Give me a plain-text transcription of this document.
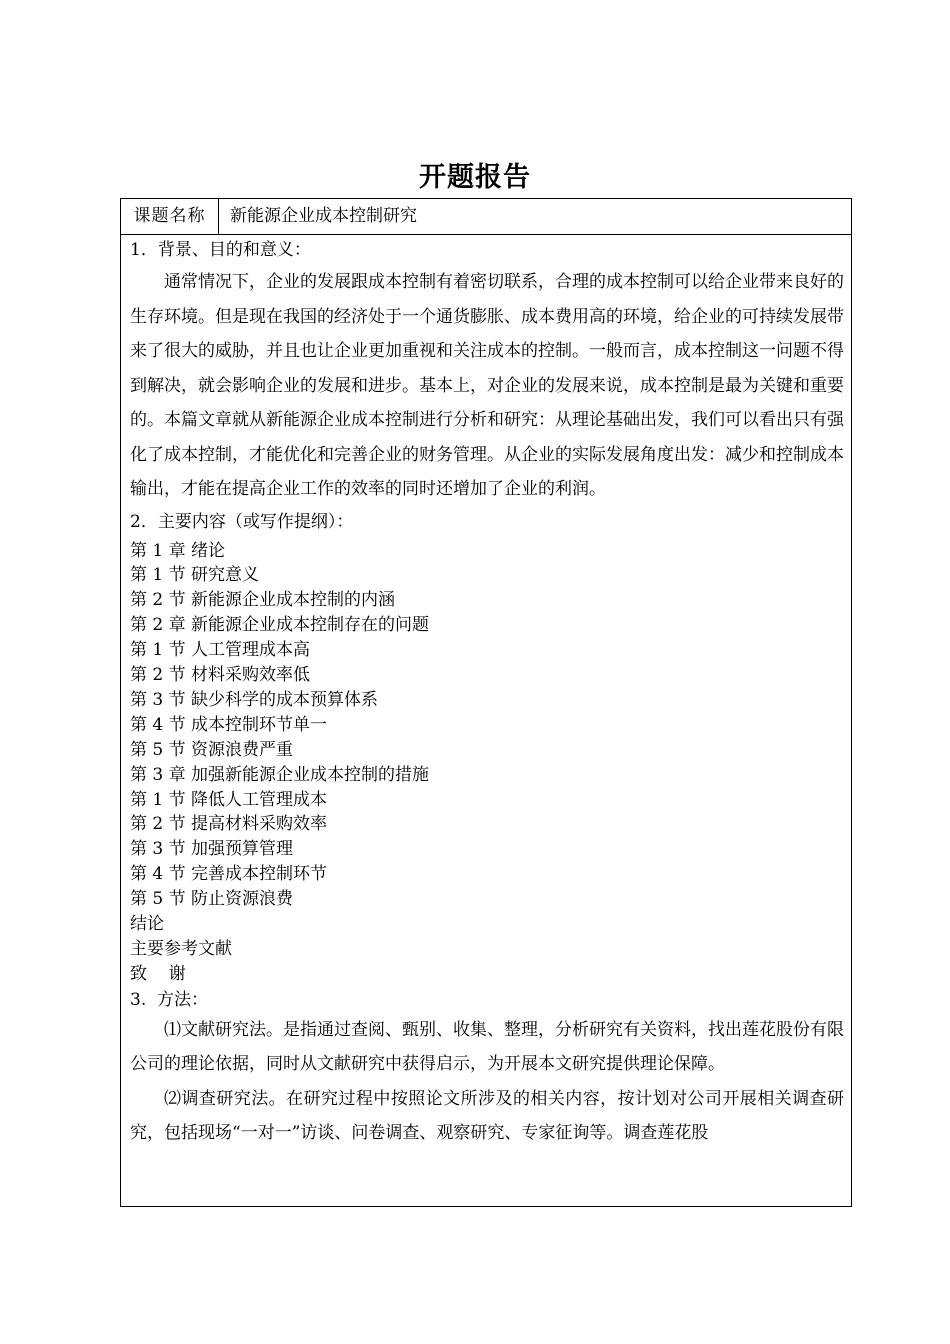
开题报告
课题名称	新能源企业成本控制研究
1．背景、目的和意义：

通常情况下，企业的发展跟成本控制有着密切联系，合理的成本控制可以给企业带来良好的生存环境。但是现在我国的经济处于一个通货膨胀、成本费用高的环境，给企业的可持续发展带来了很大的威胁，并且也让企业更加重视和关注成本的控制。一般而言，成本控制这一问题不得到解决，就会影响企业的发展和进步。基本上，对企业的发展来说，成本控制是最为关键和重要的。本篇文章就从新能源企业成本控制进行分析和研究：从理论基础出发，我们可以看出只有强化了成本控制，才能优化和完善企业的财务管理。从企业的实际发展角度出发：减少和控制成本输出，才能在提高企业工作的效率的同时还增加了企业的利润。

2．主要内容（或写作提纲）：
第 1 章 绪论
第 1 节 研究意义
第 2 节 新能源企业成本控制的内涵
第 2 章 新能源企业成本控制存在的问题
第 1 节 人工管理成本高
第 2 节 材料采购效率低
第 3 节 缺少科学的成本预算体系
第 4 节 成本控制环节单一
第 5 节 资源浪费严重
第 3 章 加强新能源企业成本控制的措施
第 1 节 降低人工管理成本
第 2 节 提高材料采购效率
第 3 节 加强预算管理
第 4 节 完善成本控制环节
第 5 节 防止资源浪费
结论
主要参考文献
致    谢
3.  方法：

⑴文献研究法。是指通过查阅、甄别、收集、整理，分析研究有关资料，找出莲花股份有限公司的理论依据，同时从文献研究中获得启示，为开展本文研究提供理论保障。

⑵调查研究法。在研究过程中按照论文所涉及的相关内容，按计划对公司开展相关调查研究，包括现场“一对一”访谈、问卷调查、观察研究、专家征询等。调查莲花股
